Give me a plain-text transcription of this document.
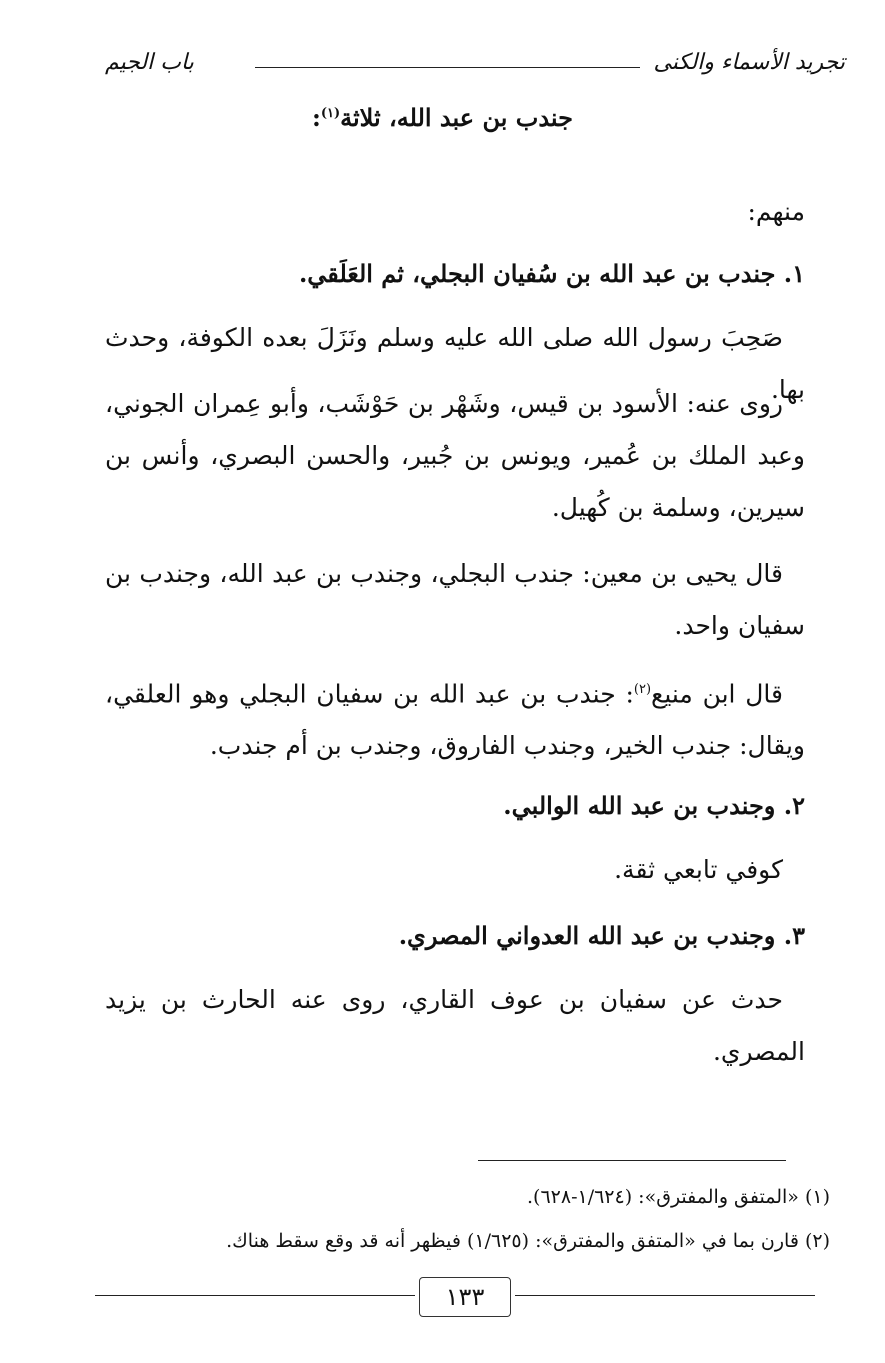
تجريد الأسماء والكنى
باب الجيم
جندب بن عبد الله، ثلاثة$^{(١)}$:

منهم:

١. جندب بن عبد الله بن سُفيان البجلي، ثم العَلَقي.

صَحِبَ رسول الله صلى الله عليه وسلم ونَزَلَ بعده الكوفة، وحدث بها.

روى عنه: الأسود بن قيس، وشَهْر بن حَوْشَب، وأبو عِمران الجوني، وعبد الملك بن عُمير، ويونس بن جُبير، والحسن البصري، وأنس بن سيرين، وسلمة بن كُهيل.

قال يحيى بن معين: جندب البجلي، وجندب بن عبد الله، وجندب بن سفيان واحد.

قال ابن منيع$^{(٢)}$: جندب بن عبد الله بن سفيان البجلي وهو العلقي، ويقال: جندب الخير، وجندب الفاروق، وجندب بن أم جندب.

٢. وجندب بن عبد الله الوالبي.

كوفي تابعي ثقة.

٣. وجندب بن عبد الله العدواني المصري.

حدث عن سفيان بن عوف القاري، روى عنه الحارث بن يزيد المصري.

(١) «المتفق والمفترق»: (١/٦٢٤-٦٢٨).
(٢) قارن بما في «المتفق والمفترق»: (١/٦٢٥) فيظهر أنه قد وقع سقط هناك.
١٣٣
